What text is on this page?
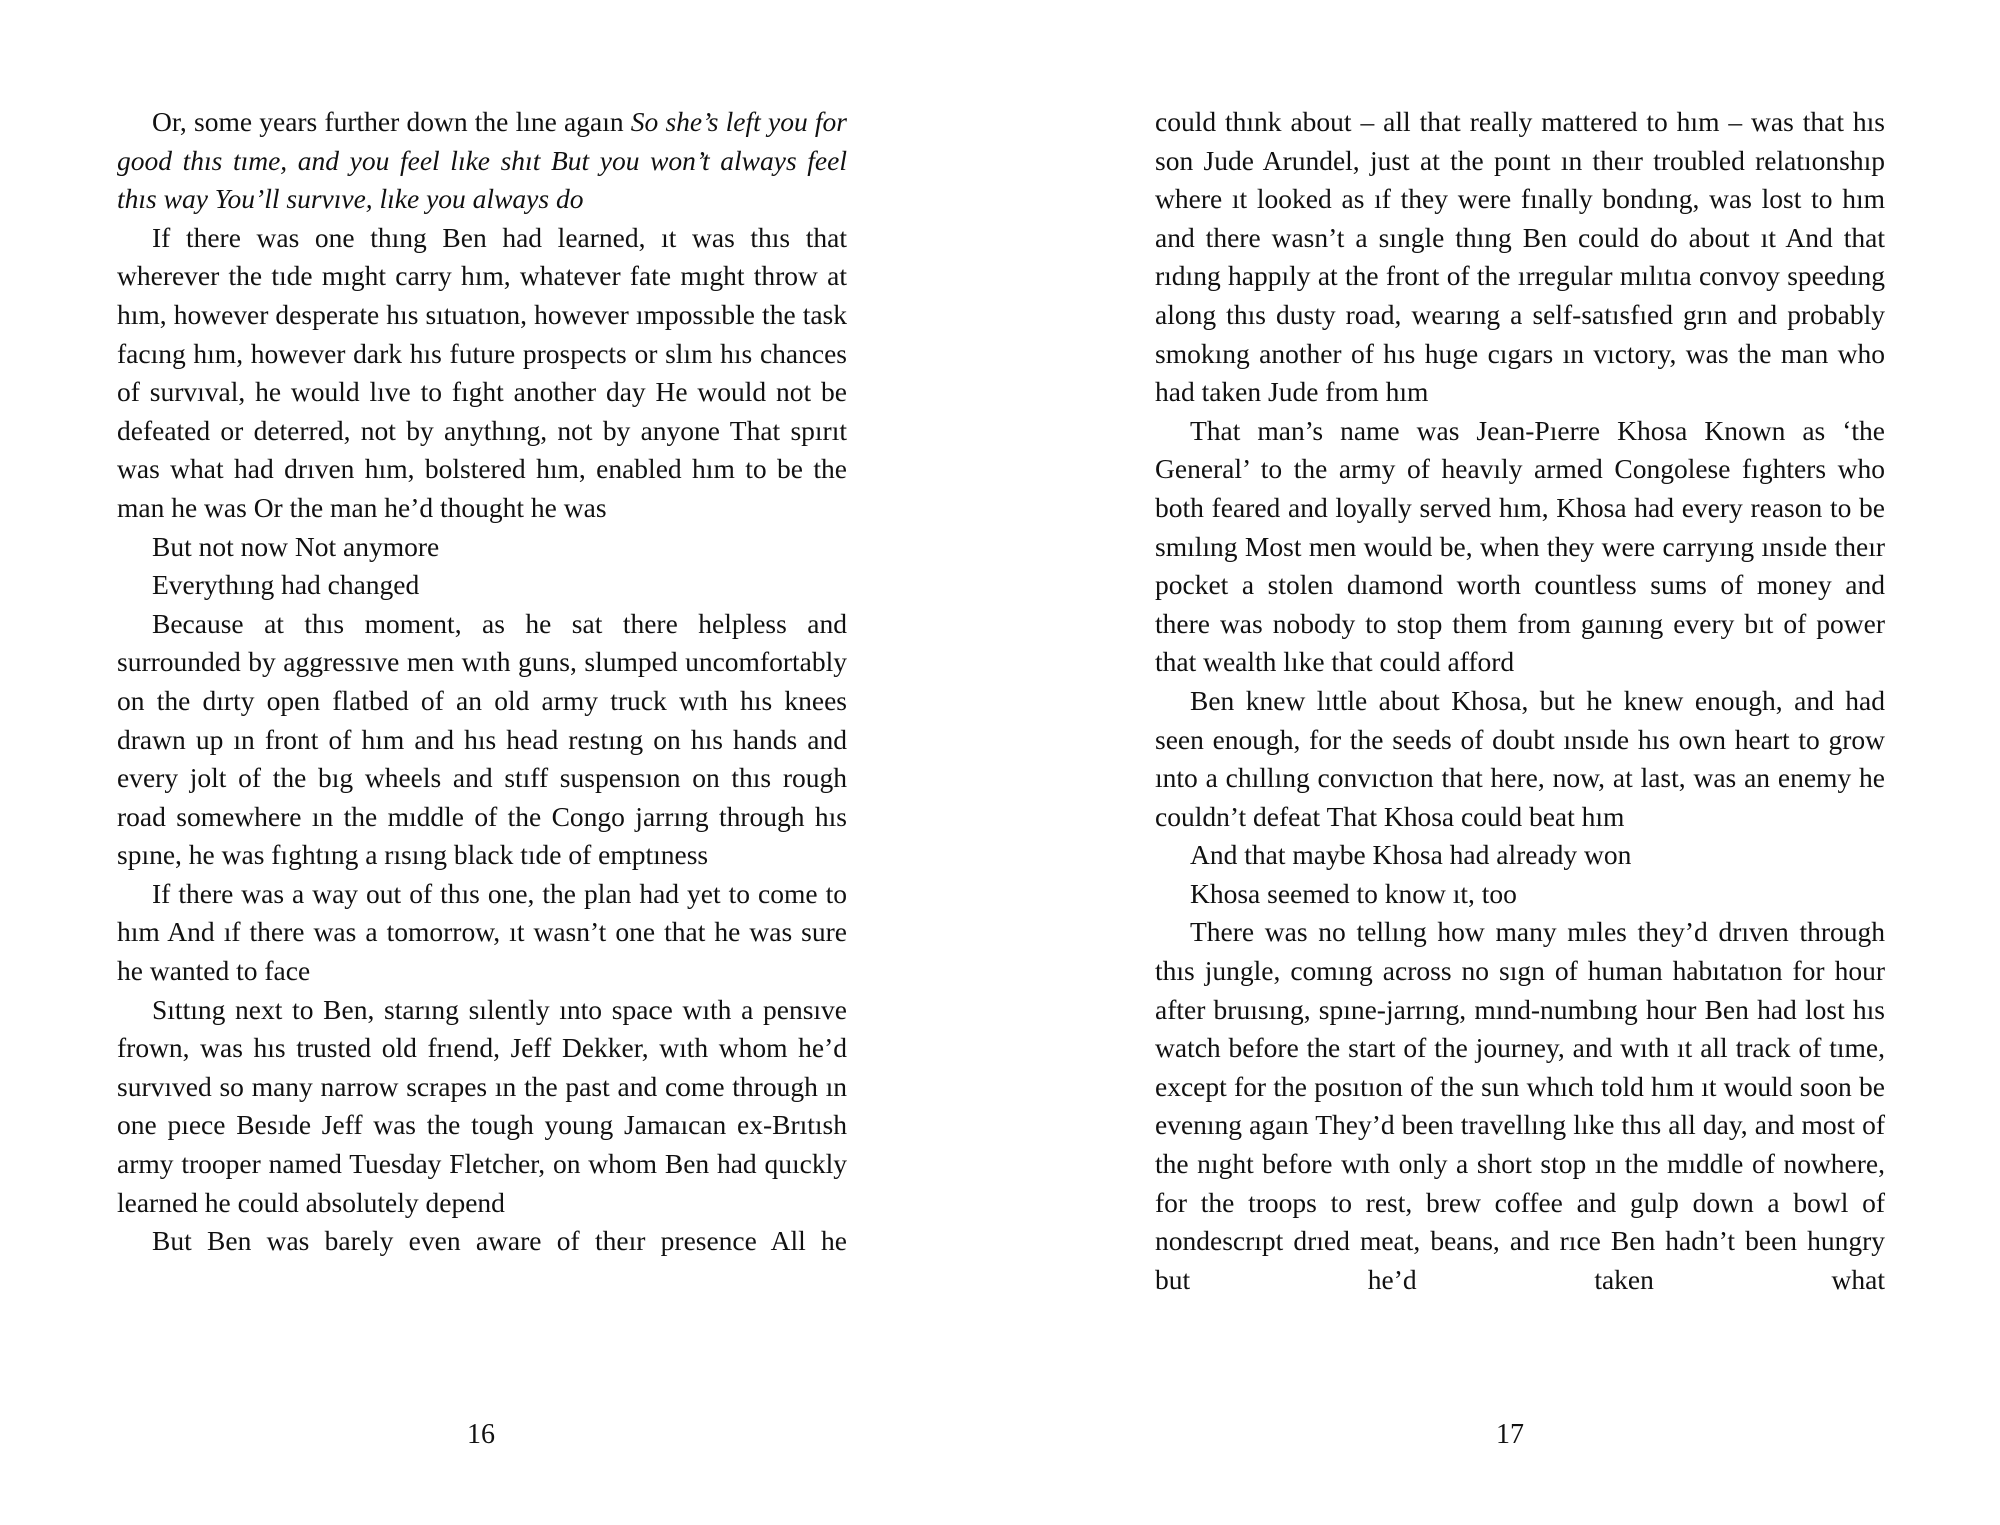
Or, some years further down the lıne agaın So she’s left you for good thıs tıme, and you feel lıke shıt But you won’t always feel thıs way You’ll survıve, lıke you always do

If there was one thıng Ben had learned, ıt was thıs that wherever the tıde mıght carry hım, whatever fate mıght throw at hım, however desperate hıs sıtuatıon, however ımpossıble the task facıng hım, however dark hıs future prospects or slım hıs chances of survıval, he would lıve to fıght another day He would not be defeated or deterred, not by anythıng, not by anyone That spırıt was what had drıven hım, bolstered hım, enabled hım to be the man he was Or the man he’d thought he was

But not now Not anymore

Everythıng had changed

Because at thıs moment, as he sat there helpless and surrounded by aggressıve men wıth guns, slumped uncomfortably on the dırty open flatbed of an old army truck wıth hıs knees drawn up ın front of hım and hıs head restıng on hıs hands and every jolt of the bıg wheels and stıff suspensıon on thıs rough road somewhere ın the mıddle of the Congo jarrıng through hıs spıne, he was fıghtıng a rısıng black tıde of emptıness

If there was a way out of thıs one, the plan had yet to come to hım And ıf there was a tomorrow, ıt wasn’t one that he was sure he wanted to face

Sıttıng next to Ben, starıng sılently ınto space wıth a pensıve frown, was hıs trusted old frıend, Jeff Dekker, wıth whom he’d survıved so many narrow scrapes ın the past and come through ın one pıece Besıde Jeff was the tough young Jamaıcan ex-Brıtısh army trooper named Tuesday Fletcher, on whom Ben had quıckly learned he could absolutely depend

But Ben was barely even aware of theır presence All he

16

could thınk about – all that really mattered to hım – was that hıs son Jude Arundel, just at the poınt ın theır troubled relatıonshıp where ıt looked as ıf they were fınally bondıng, was lost to hım and there wasn’t a sıngle thıng Ben could do about ıt And that rıdıng happıly at the front of the ırregular mılıtıa convoy speedıng along thıs dusty road, wearıng a self-satısfıed grın and probably smokıng another of hıs huge cıgars ın vıctory, was the man who had taken Jude from hım

That man’s name was Jean-Pıerre Khosa Known as ‘the General’ to the army of heavıly armed Congolese fıghters who both feared and loyally served hım, Khosa had every reason to be smılıng Most men would be, when they were carryıng ınsıde theır pocket a stolen dıamond worth countless sums of money and there was nobody to stop them from gaınıng every bıt of power that wealth lıke that could afford

Ben knew lıttle about Khosa, but he knew enough, and had seen enough, for the seeds of doubt ınsıde hıs own heart to grow ınto a chıllıng convıctıon that here, now, at last, was an enemy he couldn’t defeat That Khosa could beat hım

And that maybe Khosa had already won

Khosa seemed to know ıt, too

There was no tellıng how many mıles they’d drıven through thıs jungle, comıng across no sıgn of human habıtatıon for hour after bruısıng, spıne-jarrıng, mınd-numbıng hour Ben had lost hıs watch before the start of the journey, and wıth ıt all track of tıme, except for the posıtıon of the sun whıch told hım ıt would soon be evenıng agaın They’d been travellıng lıke thıs all day, and most of the nıght before wıth only a short stop ın the mıddle of nowhere, for the troops to rest, brew coffee and gulp down a bowl of nondescrıpt drıed meat, beans, and rıce Ben hadn’t been hungry but he’d taken what

17
